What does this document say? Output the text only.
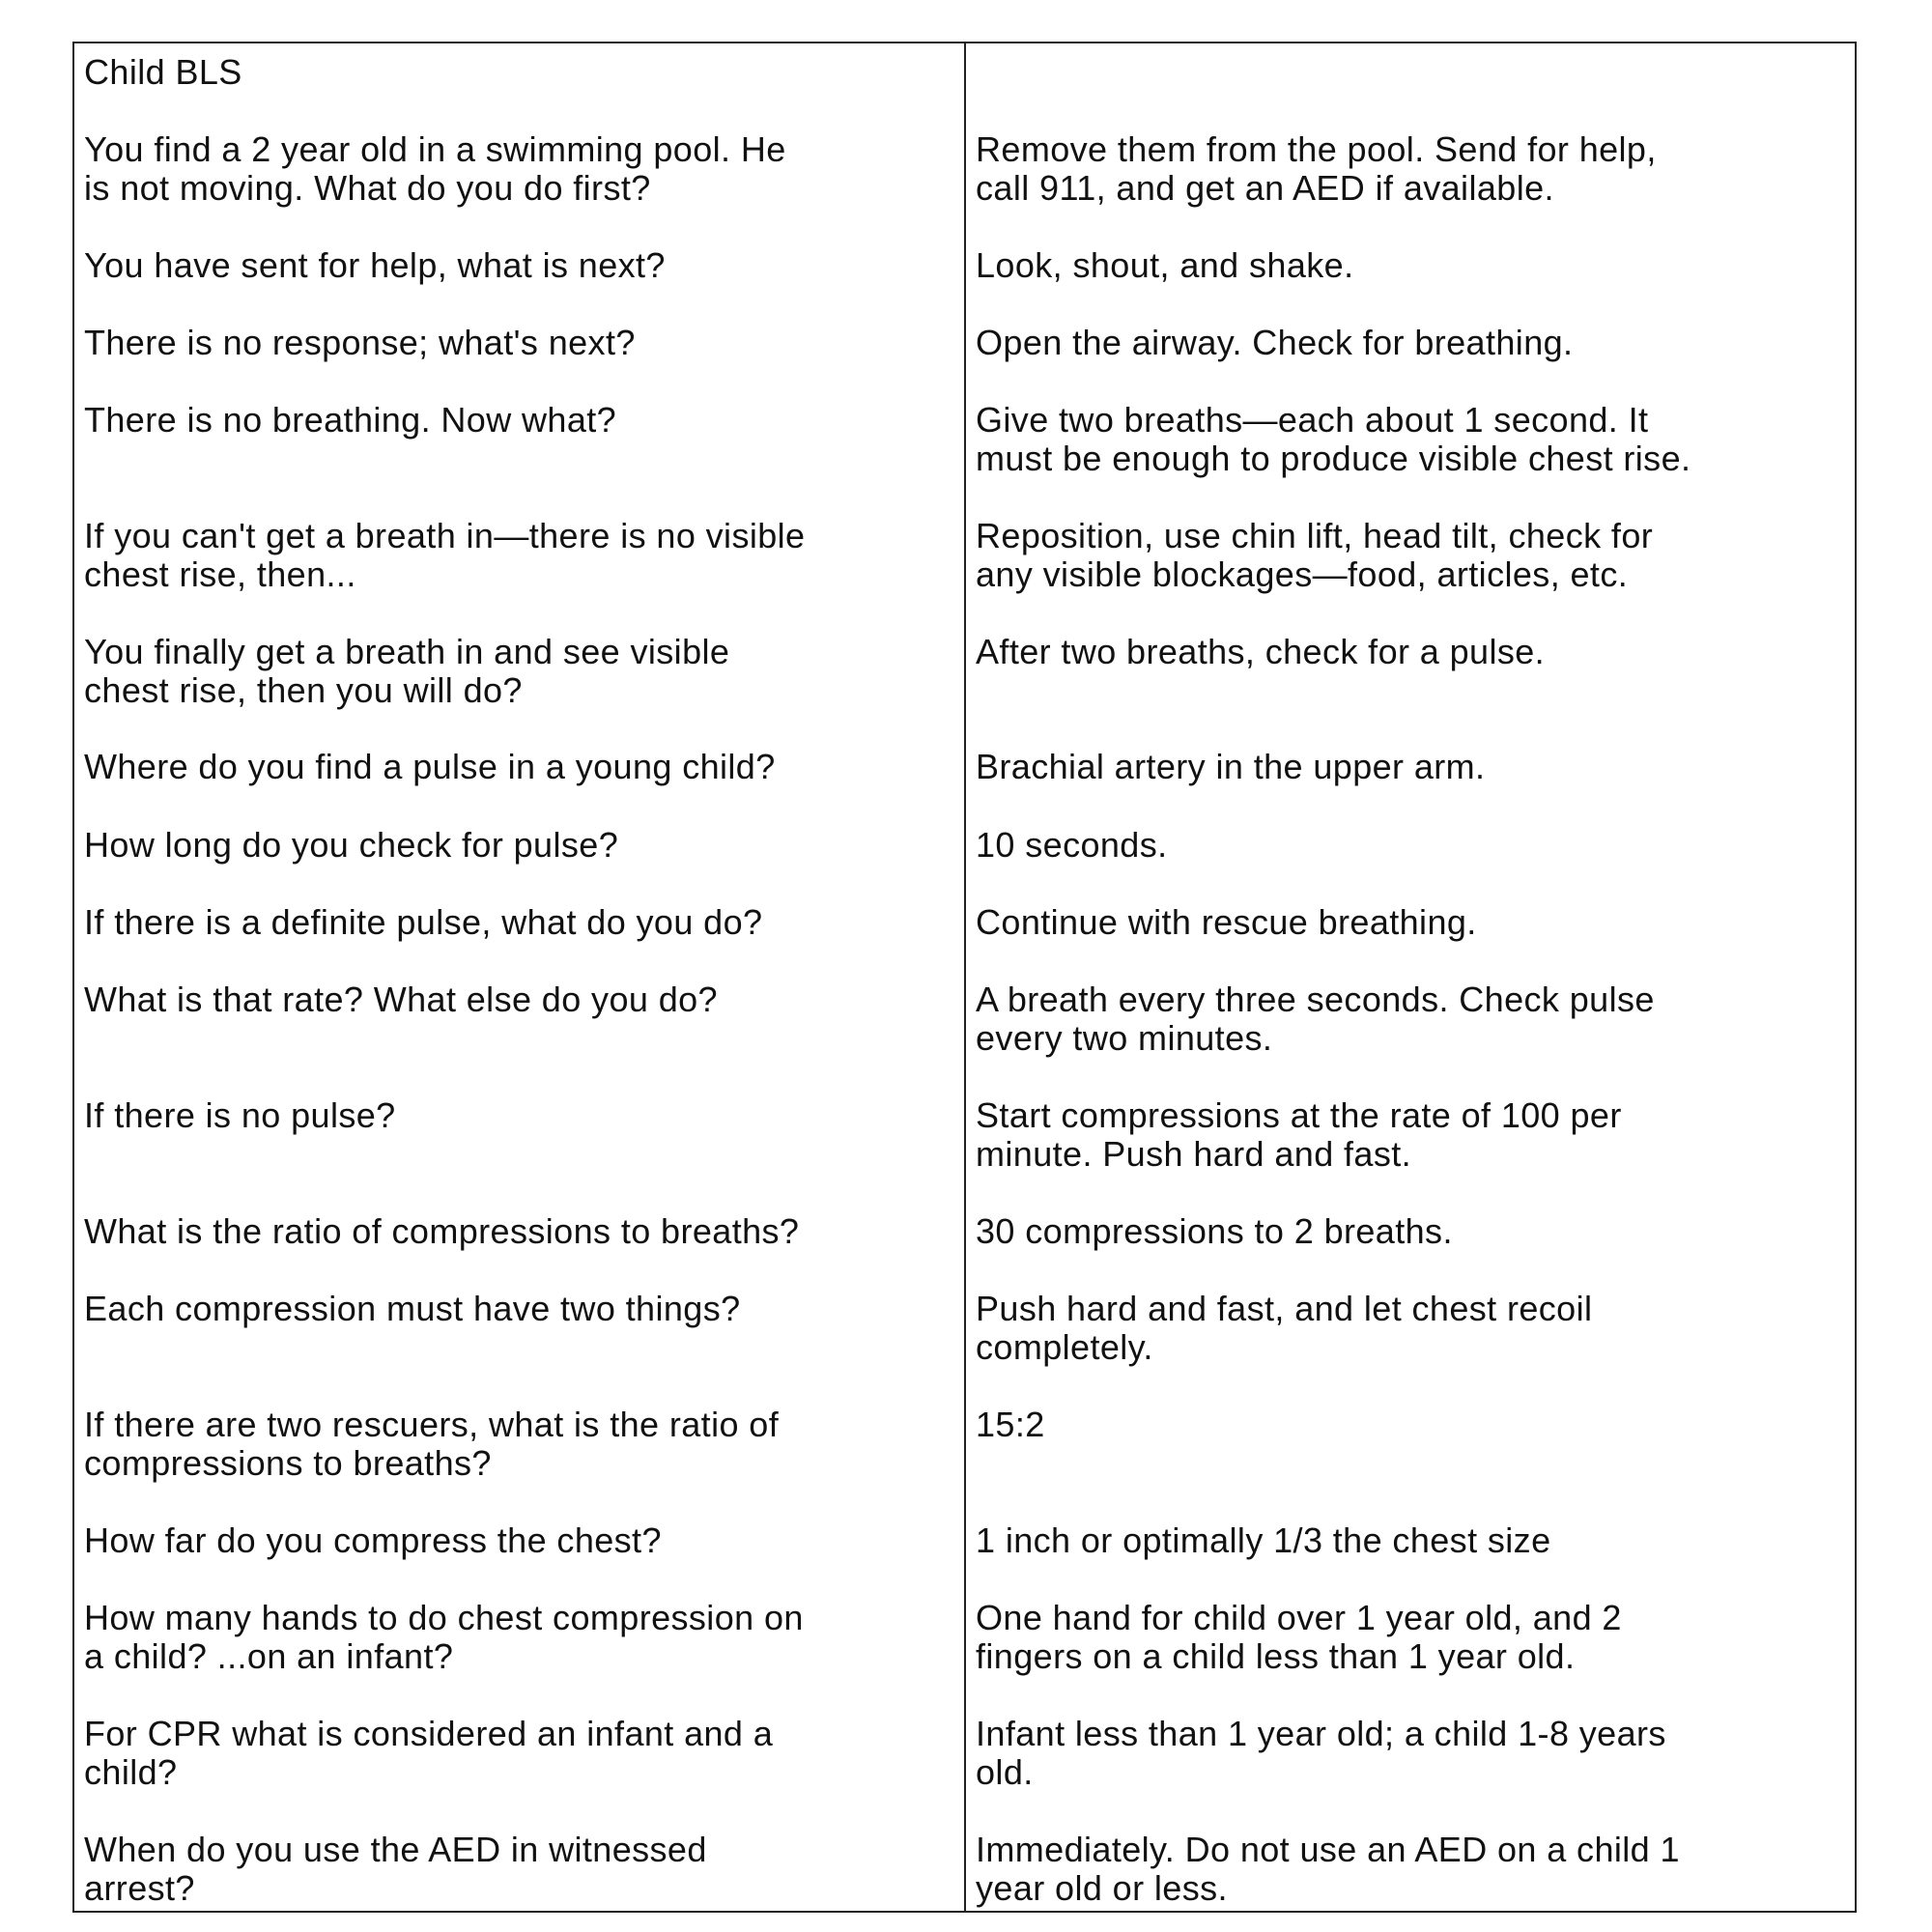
Child BLS
You find a 2 year old in a swimming pool. He
is not moving. What do you do first?
You have sent for help, what is next?
There is no response; what's next?
There is no breathing. Now what?
If you can't get a breath in—there is no visible
chest rise, then...
You finally get a breath in and see visible
chest rise, then you will do?
Where do you find a pulse in a young child?
How long do you check for pulse?
If there is a definite pulse, what do you do?
What is that rate? What else do you do?
If there is no pulse?
What is the ratio of compressions to breaths?
Each compression must have two things?
If there are two rescuers, what is the ratio of
compressions to breaths?
How far do you compress the chest?
How many hands to do chest compression on
a child? ...on an infant?
For CPR what is considered an infant and a
child?
When do you use the AED in witnessed
arrest?
Remove them from the pool. Send for help,
call 911, and get an AED if available.
Look, shout, and shake.
Open the airway. Check for breathing.
Give two breaths—each about 1 second. It
must be enough to produce visible chest rise.
Reposition, use chin lift, head tilt, check for
any visible blockages—food, articles, etc.
After two breaths, check for a pulse.
Brachial artery in the upper arm.
10 seconds.
Continue with rescue breathing.
A breath every three seconds. Check pulse
every two minutes.
Start compressions at the rate of 100 per
minute. Push hard and fast.
30 compressions to 2 breaths.
Push hard and fast, and let chest recoil
completely.
15:2
1 inch or optimally 1/3 the chest size
One hand for child over 1 year old, and 2
fingers on a child less than 1 year old.
Infant less than 1 year old; a child 1-8 years
old.
Immediately. Do not use an AED on a child 1
year old or less.
